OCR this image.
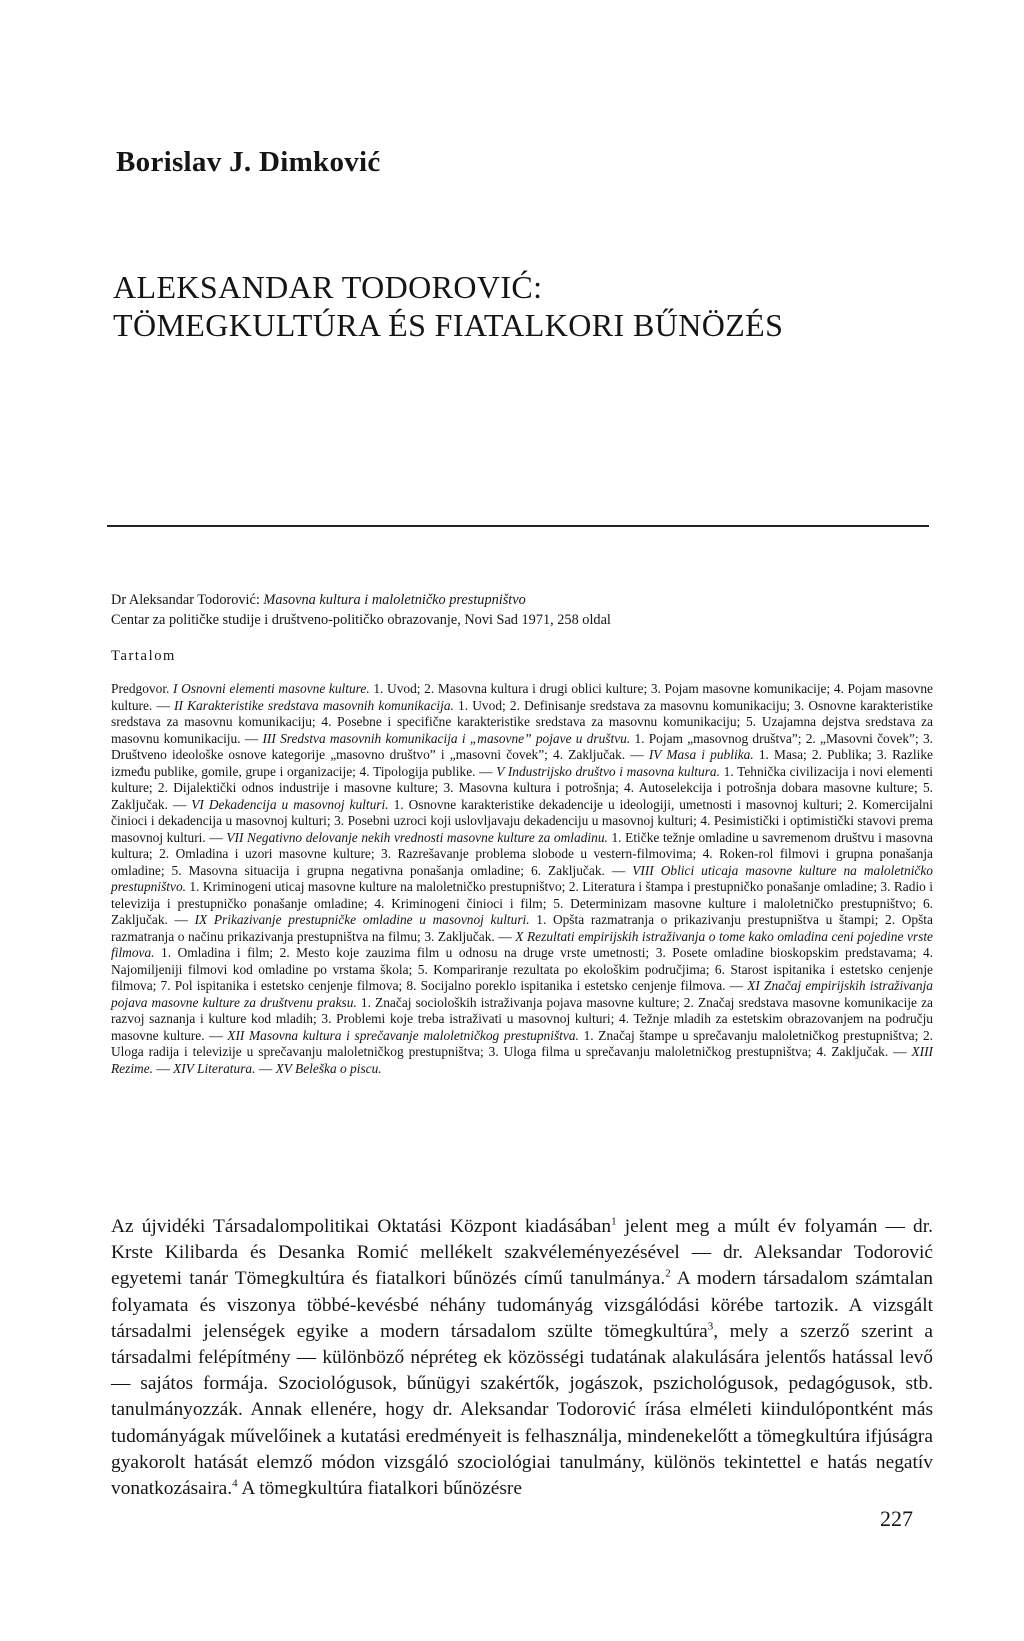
Borislav J. Dimković
ALEKSANDAR TODOROVIĆ:
TÖMEGKULTÚRA ÉS FIATALKORI BŰNÖZÉS
Dr Aleksandar Todorović: Masovna kultura i maloletničko prestupništvo
Centar za političke studije i društveno-političko obrazovanje, Novi Sad 1971, 258 oldal
Tartalom
Predgovor. I Osnovni elementi masovne kulture. 1. Uvod; 2. Masovna kultura i drugi oblici kulture; 3. Pojam masovne komunikacije; 4. Pojam masovne kulture. — II Karakteristike sredstava masovnih komunikacija. 1. Uvod; 2. Definisanje sredstava za masovnu komunikaciju; 3. Osnovne karakteristike sredstava za masovnu komunikaciju; 4. Posebne i specifične karakteristike sredstava za masovnu komunikaciju; 5. Uzajamna dejstva sredstava za masovnu komunikaciju. — III Sredstva masovnih komunikacija i „masovne” pojave u društvu. 1. Pojam „masovnog društva”; 2. „Masovni čovek”; 3. Društveno ideološke osnove kategorije „masovno društvo” i „masovni čovek”; 4. Zaključak. — IV Masa i publika. 1. Masa; 2. Publika; 3. Razlike između publike, gomile, grupe i organizacije; 4. Tipologija publike. — V Industrijsko društvo i masovna kultura. 1. Tehnička civilizacija i novi elementi kulture; 2. Dijalektički odnos industrije i masovne kulture; 3. Masovna kultura i potrošnja; 4. Autoselekcija i potrošnja dobara masovne kulture; 5. Zaključak. — VI Dekadencija u masovnoj kulturi. 1. Osnovne karakteristike dekadencije u ideologiji, umetnosti i masovnoj kulturi; 2. Komercijalni činioci i dekadencija u masovnoj kulturi; 3. Posebni uzroci koji uslovljavaju dekadenciju u masovnoj kulturi; 4. Pesimistički i optimistički stavovi prema masovnoj kulturi. — VII Negativno delovanje nekih vrednosti masovne kulture za omladinu. 1. Etičke težnje omladine u savremenom društvu i masovna kultura; 2. Omladina i uzori masovne kulture; 3. Razrešavanje problema slobode u vestern-filmovima; 4. Roken-rol filmovi i grupna ponašanja omladine; 5. Masovna situacija i grupna negativna ponašanja omladine; 6. Zaključak. — VIII Oblici uticaja masovne kulture na maloletničko prestupništvo. 1. Kriminogeni uticaj masovne kulture na maloletničko prestupništvo; 2. Literatura i štampa i prestupničko ponašanje omladine; 3. Radio i televizija i prestupničko ponašanje omladine; 4. Kriminogeni činioci i film; 5. Determinizam masovne kulture i maloletničko prestupništvo; 6. Zaključak. — IX Prikazivanje prestupničke omladine u masovnoj kulturi. 1. Opšta razmatranja o prikazivanju prestupništva u štampi; 2. Opšta razmatranja o načinu prikazivanja prestupništva na filmu; 3. Zaključak. — X Rezultati empirijskih istraživanja o tome kako omladina ceni pojedine vrste filmova. 1. Omladina i film; 2. Mesto koje zauzima film u odnosu na druge vrste umetnosti; 3. Posete omladine bioskopskim predstavama; 4. Najomiljeniji filmovi kod omladine po vrstama škola; 5. Kompariranje rezultata po ekološkim područjima; 6. Starost ispitanika i estetsko cenjenje filmova; 7. Pol ispitanika i estetsko cenjenje filmova; 8. Socijalno poreklo ispitanika i estetsko cenjenje filmova. — XI Značaj empirijskih istraživanja pojava masovne kulture za društvenu praksu. 1. Značaj socioloških istraživanja pojava masovne kulture; 2. Značaj sredstava masovne komunikacije za razvoj saznanja i kulture kod mladih; 3. Problemi koje treba istraživati u masovnoj kulturi; 4. Težnje mladih za estetskim obrazovanjem na području masovne kulture. — XII Masovna kultura i sprečavanje maloletničkog prestupništva. 1. Značaj štampe u sprečavanju maloletničkog prestupništva; 2. Uloga radija i televizije u sprečavanju maloletničkog prestupništva; 3. Uloga filma u sprečavanju maloletničkog prestupništva; 4. Zaključak. — XIII Rezime. — XIV Literatura. — XV Beleška o piscu.
Az újvidéki Társadalompolitikai Oktatási Központ kiadásában$^1$ jelent meg a múlt év folyamán — dr. Krste Kilibarda és Desanka Romić mellékelt szakvéleményezésével — dr. Aleksandar Todorović egyetemi tanár Tömegkultúra és fiatalkori bűnözés című tanulmánya.$^2$ A modern társadalom számtalan folyamata és viszonya többé-kevésbé néhány tudományág vizsgálódási körébe tartozik. A vizsgált társadalmi jelenségek egyike a modern társadalom szülte tömegkultúra$^3$, mely a szerző szerint a társadalmi felépítmény — különböző népréteg ek közösségi tudatának alakulására jelentős hatással levő — sajátos formája. Szociológusok, bűnügyi szakértők, jogászok, pszichológusok, pedagógusok, stb. tanulmányozzák. Annak ellenére, hogy dr. Aleksandar Todorović írása elméleti kiindulópontként más tudományágak művelőinek a kutatási eredményeit is felhasználja, mindenekelőtt a tömegkultúra ifjúságra gyakorolt hatását elemző módon vizsgáló szociológiai tanulmány, különös tekintettel e hatás negatív vonatkozásaira.$^4$ A tömegkultúra fiatalkori bűnözésre
227
